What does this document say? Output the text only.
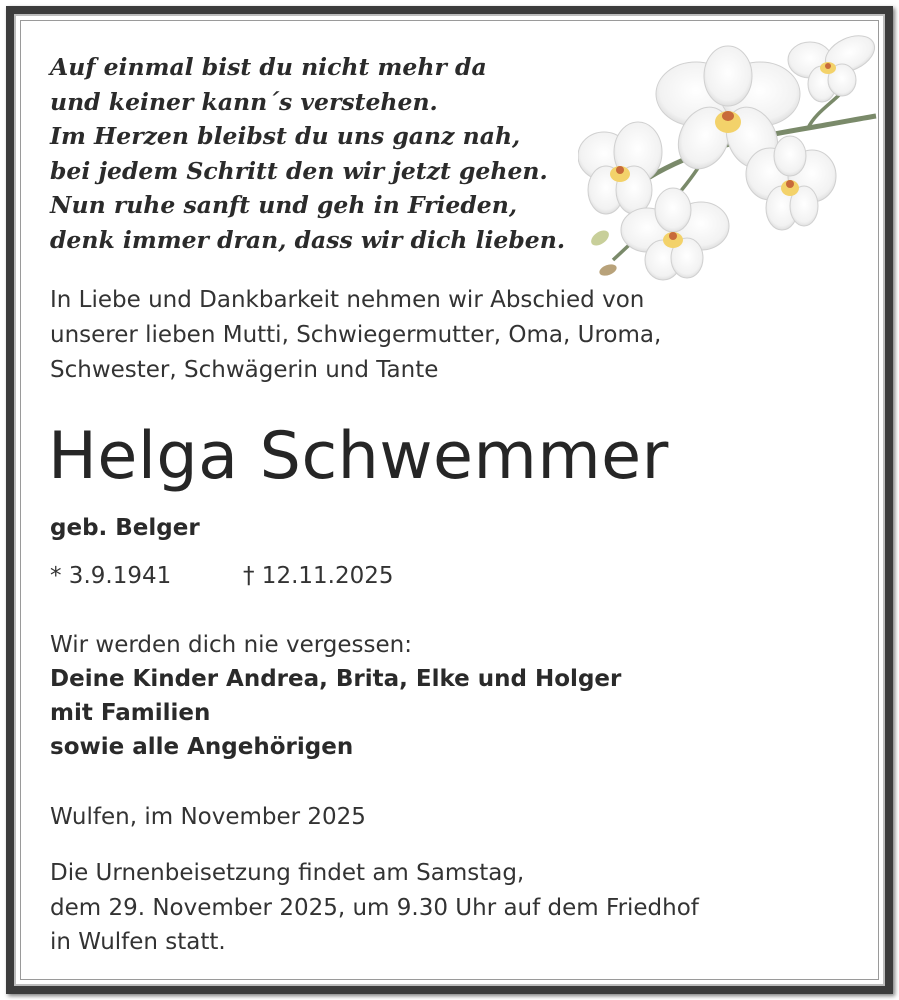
Auf einmal bist du nicht mehr da
und keiner kann´s verstehen.
Im Herzen bleibst du uns ganz nah,
bei jedem Schritt den wir jetzt gehen.
Nun ruhe sanft und geh in Frieden,
denk immer dran, dass wir dich lieben.
In Liebe und Dankbarkeit nehmen wir Abschied von
unserer lieben Mutti, Schwiegermutter, Oma, Uroma,
Schwester, Schwägerin und Tante
Helga Schwemmer
geb. Belger
* 3.9.1941	† 12.11.2025
Wir werden dich nie vergessen:
Deine Kinder Andrea, Brita, Elke und Holger
mit Familien
sowie alle Angehörigen
Wulfen, im November 2025
Die Urnenbeisetzung findet am Samstag,
dem 29. November 2025, um 9.30 Uhr auf dem Friedhof
in Wulfen statt.
